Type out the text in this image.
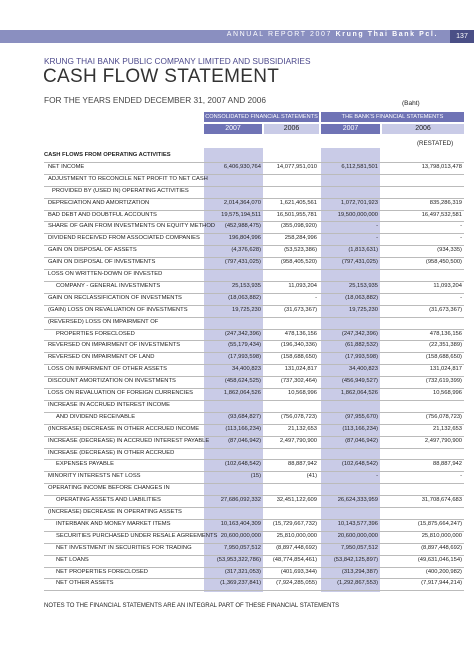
ANNUAL REPORT 2007 Krung Thai Bank Pcl.	137
KRUNG THAI BANK PUBLIC COMPANY LIMITED AND SUBSIDIARIES
CASH FLOW STATEMENT
FOR THE YEARS ENDED DECEMBER 31, 2007 AND 2006	(Baht)
CONSOLIDATED FINANCIAL STATEMENTS	THE BANK'S FINANCIAL STATEMENTS
2007	2006	2007	2006
(RESTATED)
CASH FLOWS FROM OPERATING ACTIVITIES
NET INCOME	6,406,930,764	14,077,951,010	6,112,581,501	13,798,013,478
ADJUSTMENT TO RECONCILE NET PROFIT TO NET CASH
PROVIDED BY (USED IN) OPERATING ACTIVITIES
DEPRECIATION AND AMORTIZATION	2,014,364,070	1,621,405,561	1,072,701,923	835,286,319
BAD DEBT AND DOUBTFUL ACCOUNTS	19,575,194,511	16,501,955,781	19,500,000,000	16,497,532,581
SHARE OF GAIN FROM INVESTMENTS ON EQUITY METHOD	(452,988,475)	(355,098,920)	-	-
DIVIDEND RECEIVED FROM ASSOCIATED COMPANIES	196,804,996	258,284,996	-	-
GAIN ON DISPOSAL OF ASSETS	(4,376,628)	(53,523,386)	(1,813,631)	(934,335)
GAIN ON DISPOSAL OF INVESTMENTS	(797,431,025)	(958,405,520)	(797,431,025)	(958,450,500)
LOSS ON WRITTEN-DOWN OF INVESTED
COMPANY - GENERAL INVESTMENTS	25,153,935	11,093,204	25,153,935	11,093,204
GAIN ON RECLASSIFICATION OF INVESTMENTS	(18,063,882)	-	(18,063,882)	-
(GAIN) LOSS ON REVALUATION OF INVESTMENTS	19,725,230	(31,673,367)	19,725,230	(31,673,367)
(REVERSED) LOSS ON IMPAIRMENT OF
PROPERTIES FORECLOSED	(247,342,396)	478,136,156	(247,342,396)	478,136,156
REVERSED ON IMPAIRMENT OF INVESTMENTS	(55,179,434)	(196,340,336)	(61,882,532)	(22,351,389)
REVERSED ON IMPAIRMENT OF LAND	(17,993,598)	(158,688,650)	(17,993,598)	(158,688,650)
LOSS ON IMPAIRMENT OF OTHER ASSETS	34,400,823	131,024,817	34,400,823	131,024,817
DISCOUNT AMORTIZATION ON INVESTMENTS	(458,624,525)	(737,302,464)	(456,949,527)	(732,619,399)
LOSS ON REVALUATION OF FOREIGN CURRENCIES	1,862,064,526	10,568,996	1,862,064,526	10,568,996
INCREASE IN ACCRUED INTEREST INCOME
AND DIVIDEND RECEIVABLE	(93,684,827)	(756,078,723)	(97,955,670)	(756,078,723)
(INCREASE) DECREASE IN OTHER ACCRUED INCOME	(113,166,234)	21,132,653	(113,166,234)	21,132,653
INCREASE (DECREASE) IN ACCRUED INTEREST PAYABLE	(87,046,942)	2,497,790,900	(87,046,942)	2,497,790,900
INCREASE (DECREASE) IN OTHER ACCRUED
EXPENSES PAYABLE	(102,648,542)	88,887,942	(102,648,542)	88,887,942
MINORITY INTERESTS NET LOSS	(15)	(41)	-	-
OPERATING INCOME BEFORE CHANGES IN
OPERATING ASSETS AND LIABILITIES	27,686,092,332	32,451,122,609	26,624,333,959	31,708,674,683
(INCREASE) DECREASE IN OPERATING ASSETS
INTERBANK AND MONEY MARKET ITEMS	10,163,404,309	(15,729,667,732)	10,143,577,396	(15,875,664,247)
SECURITIES PURCHASED UNDER RESALE AGREEMENTS 20,600,000,000	25,810,000,000	20,600,000,000	25,810,000,000
NET INVESTMENT IN SECURITIES FOR TRADING	7,950,057,512	(8,897,448,692)	7,950,057,512	(8,897,448,692)
NET LOANS	(53,953,322,786)	(48,774,854,461)	(53,842,125,897)	(49,631,046,154)
NET PROPERTIES FORECLOSED	(317,321,053)	(401,693,344)	(313,294,387)	(400,200,982)
NET OTHER ASSETS	(1,369,237,841)	(7,924,285,055)	(1,292,867,553)	(7,917,944,214)
NOTES TO THE FINANCIAL STATEMENTS ARE AN INTEGRAL PART OF THESE FINANCIAL STATEMENTS
